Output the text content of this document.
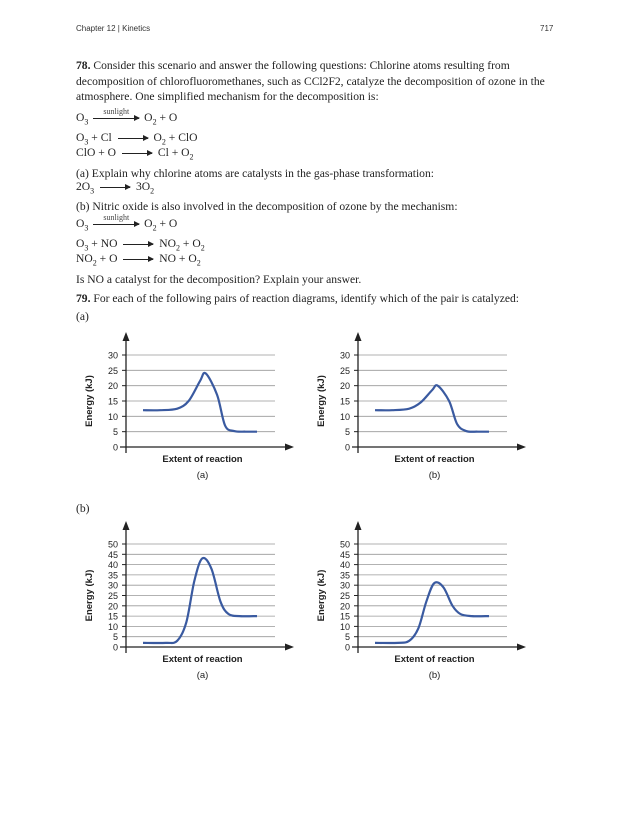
Chapter 12 | Kinetics	717
78. Consider this scenario and answer the following questions: Chlorine atoms resulting from decomposition of chlorofluoromethanes, such as CCl2F2, catalyze the decomposition of ozone in the atmosphere. One simplified mechanism for the decomposition is:
$O_3$
sunlight	$O_2 + O$
$O_3 + Cl$	$O_2$ + ClO
ClO + O	$Cl + O_2$
(a) Explain why chlorine atoms are catalysts in the gas-phase transformation:
$2O_3$	$3O_2$
(b) Nitric oxide is also involved in the decomposition of ozone by the mechanism:
$O_3$
sunlight	$O_2 + O$
$O_3$ + NO	$NO_2 + O_2$
$NO_2 + O$	NO + $O_2$
Is NO a catalyst for the decomposition? Explain your answer.
79. For each of the following pairs of reaction diagrams, identify which of the pair is catalyzed:
(a)
(b)
0
5
10
15
20
25
30
Energy (kJ)
Extent of reaction
(a)
0
5
10
15
20
25
30
Energy (kJ)
Extent of reaction
(b)
0
5
10
15
20
25
30
35
40
45
50
Energy (kJ)
Extent of reaction
(a)
0
5
10
15
20
25
30
35
40
45
50
Energy (kJ)
Extent of reaction
(b)
